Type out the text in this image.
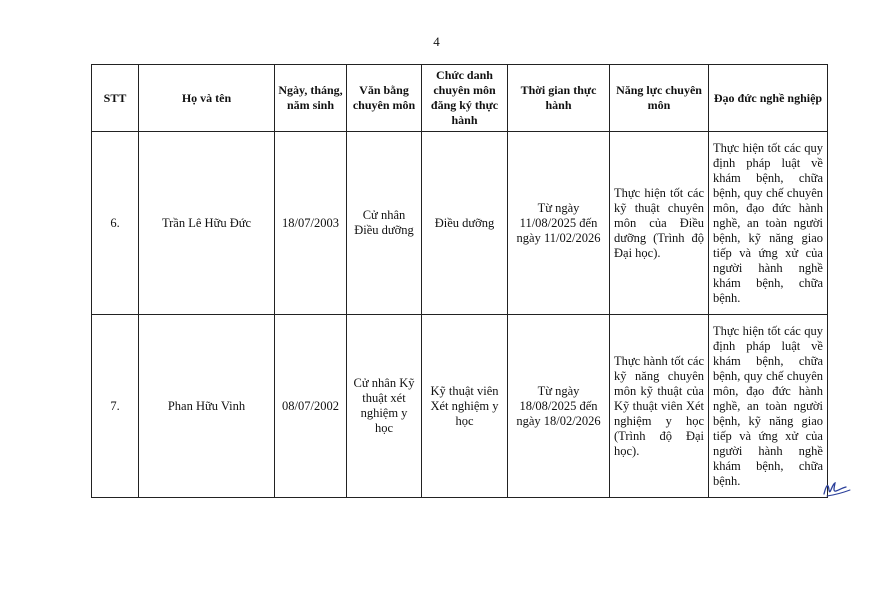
4
STT	Họ và tên	Ngày, tháng, năm sinh	Văn bằng chuyên môn	Chức danh chuyên môn đăng ký thực hành	Thời gian thực hành	Năng lực chuyên môn	Đạo đức nghề nghiệp
6.	Trần Lê Hữu Đức	18/07/2003	Cử nhân Điều dưỡng	Điều dưỡng	Từ ngày 11/08/2025 đến ngày 11/02/2026	Thực hiện tốt các kỹ thuật chuyên môn của Điều dưỡng (Trình độ Đại học).	Thực hiện tốt các quy định pháp luật về khám bệnh, chữa bệnh, quy chế chuyên môn, đạo đức hành nghề, an toàn người bệnh, kỹ năng giao tiếp và ứng xử của người hành nghề khám bệnh, chữa bệnh.
7.	Phan Hữu Vinh	08/07/2002	Cử nhân Kỹ thuật xét nghiệm y học	Kỹ thuật viên Xét nghiệm y học	Từ ngày 18/08/2025 đến ngày 18/02/2026	Thực hành tốt các kỹ năng chuyên môn kỹ thuật của Kỹ thuật viên Xét nghiệm y học (Trình độ Đại học).	Thực hiện tốt các quy định pháp luật về khám bệnh, chữa bệnh, quy chế chuyên môn, đạo đức hành nghề, an toàn người bệnh, kỹ năng giao tiếp và ứng xử của người hành nghề khám bệnh, chữa bệnh.
